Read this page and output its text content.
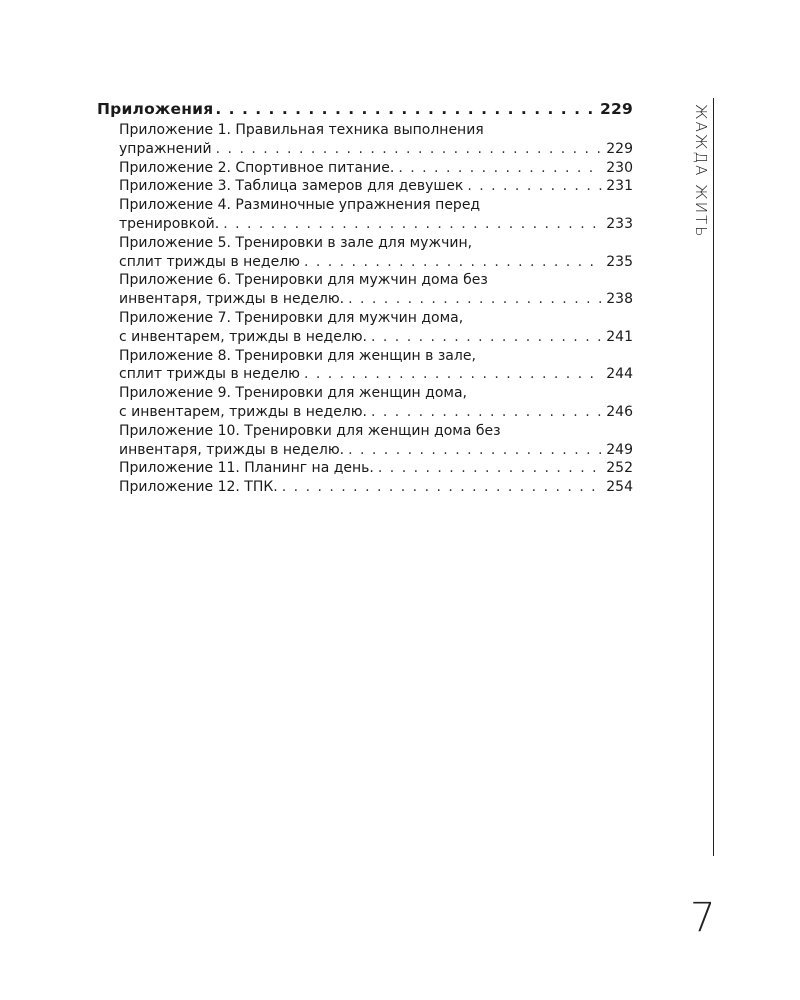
Приложения . . .	229
Приложение 1. Правильная техника выполнения
упражнений . . .	229
Приложение 2. Спортивное питание. . . .	230
Приложение 3. Таблица замеров для девушек . . .	231
Приложение 4. Разминочные упражнения перед
тренировкой. . . .	233
Приложение 5. Тренировки в зале для мужчин,
сплит трижды в неделю . . .	235
Приложение 6. Тренировки для мужчин дома без
инвентаря, трижды в неделю. . . .	238
Приложение 7. Тренировки для мужчин дома,
с инвентарем, трижды в неделю. . . .	241
Приложение 8. Тренировки для женщин в зале,
сплит трижды в неделю . . .	244
Приложение 9. Тренировки для женщин дома,
с инвентарем, трижды в неделю. . . .	246
Приложение 10. Тренировки для женщин дома без
инвентаря, трижды в неделю. . . .	249
Приложение 11. Планинг на день. . . .	252
Приложение 12. ТПК. . . .	254
ЖАЖДА ЖИТЬ
7
